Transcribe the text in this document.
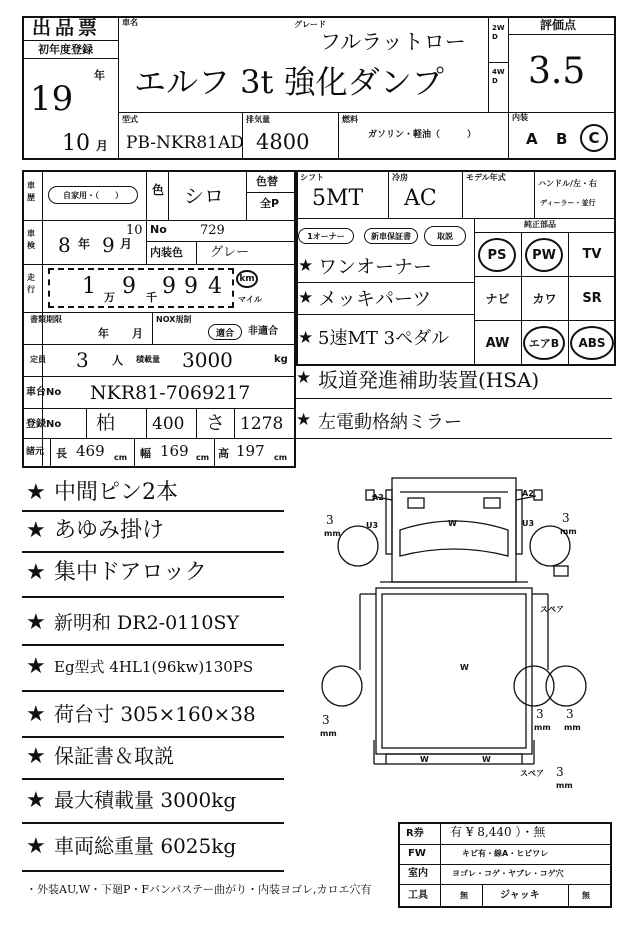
出品票
初年度登録
19
年
10 月
車名	グレード
フルラットロー
エルフ 3t 強化ダンプ
2WD
4WD
評価点
3.5
型式
PB-NKR81AD
排気量
4800
燃料
ガソリン・軽油（　　　）
内装
A B	C
車歴	自家用・（　　）	色 シロ
色替
全P
車検 8 年 9 月
10 No	729
内装色 グレー
走行 1 万 9 千 9 9 4	km
マイル
書類期限
年 月
NOX規制
適合	非適合
定員 3 人 積載量 3000	kg
車台No NKR81-7069217
登録No 柏 400 さ 1278
諸元 長 469 cm 幅 169 cm 高 197 cm
シフト
5MT
冷房
AC
モデル年式
ハンドル/左・右
ディーラー・並行
1オーナー	新車保証書	取説
純正部品
PS	PW	TV
ナビ	カワ	SR
AW	エアB	ABS
★ ワンオーナー
★ メッキパーツ
★ 5速MT 3ペダル
★ 坂道発進補助装置(HSA)
★ 左電動格納ミラー
★ 中間ピン2本
★ あゆみ掛け
★ 集中ドアロック
★ 新明和 DR2-0110SY
★ Eg型式 4HL1(96kw)130PS
★ 荷台寸 305×160×38
★ 保証書＆取説
★ 最大積載量 3000kg
★ 車両総重量 6025kg
A2	A2
U3	U3
W
W
W	W
3
mm
3
mm
3
mm
3
mm
3
mm
スペア
スペア 3
mm
R券 有 ¥ 8,440 ）・無
FW	キビ有・線A・ヒビワレ
室内	ヨゴレ・コゲ・ヤブレ・コゲ穴
工具	無	ジャッキ	無
・外装AU,W・下廻P・Fバンパステー曲がり・内装ヨゴレ,カロエ穴有
